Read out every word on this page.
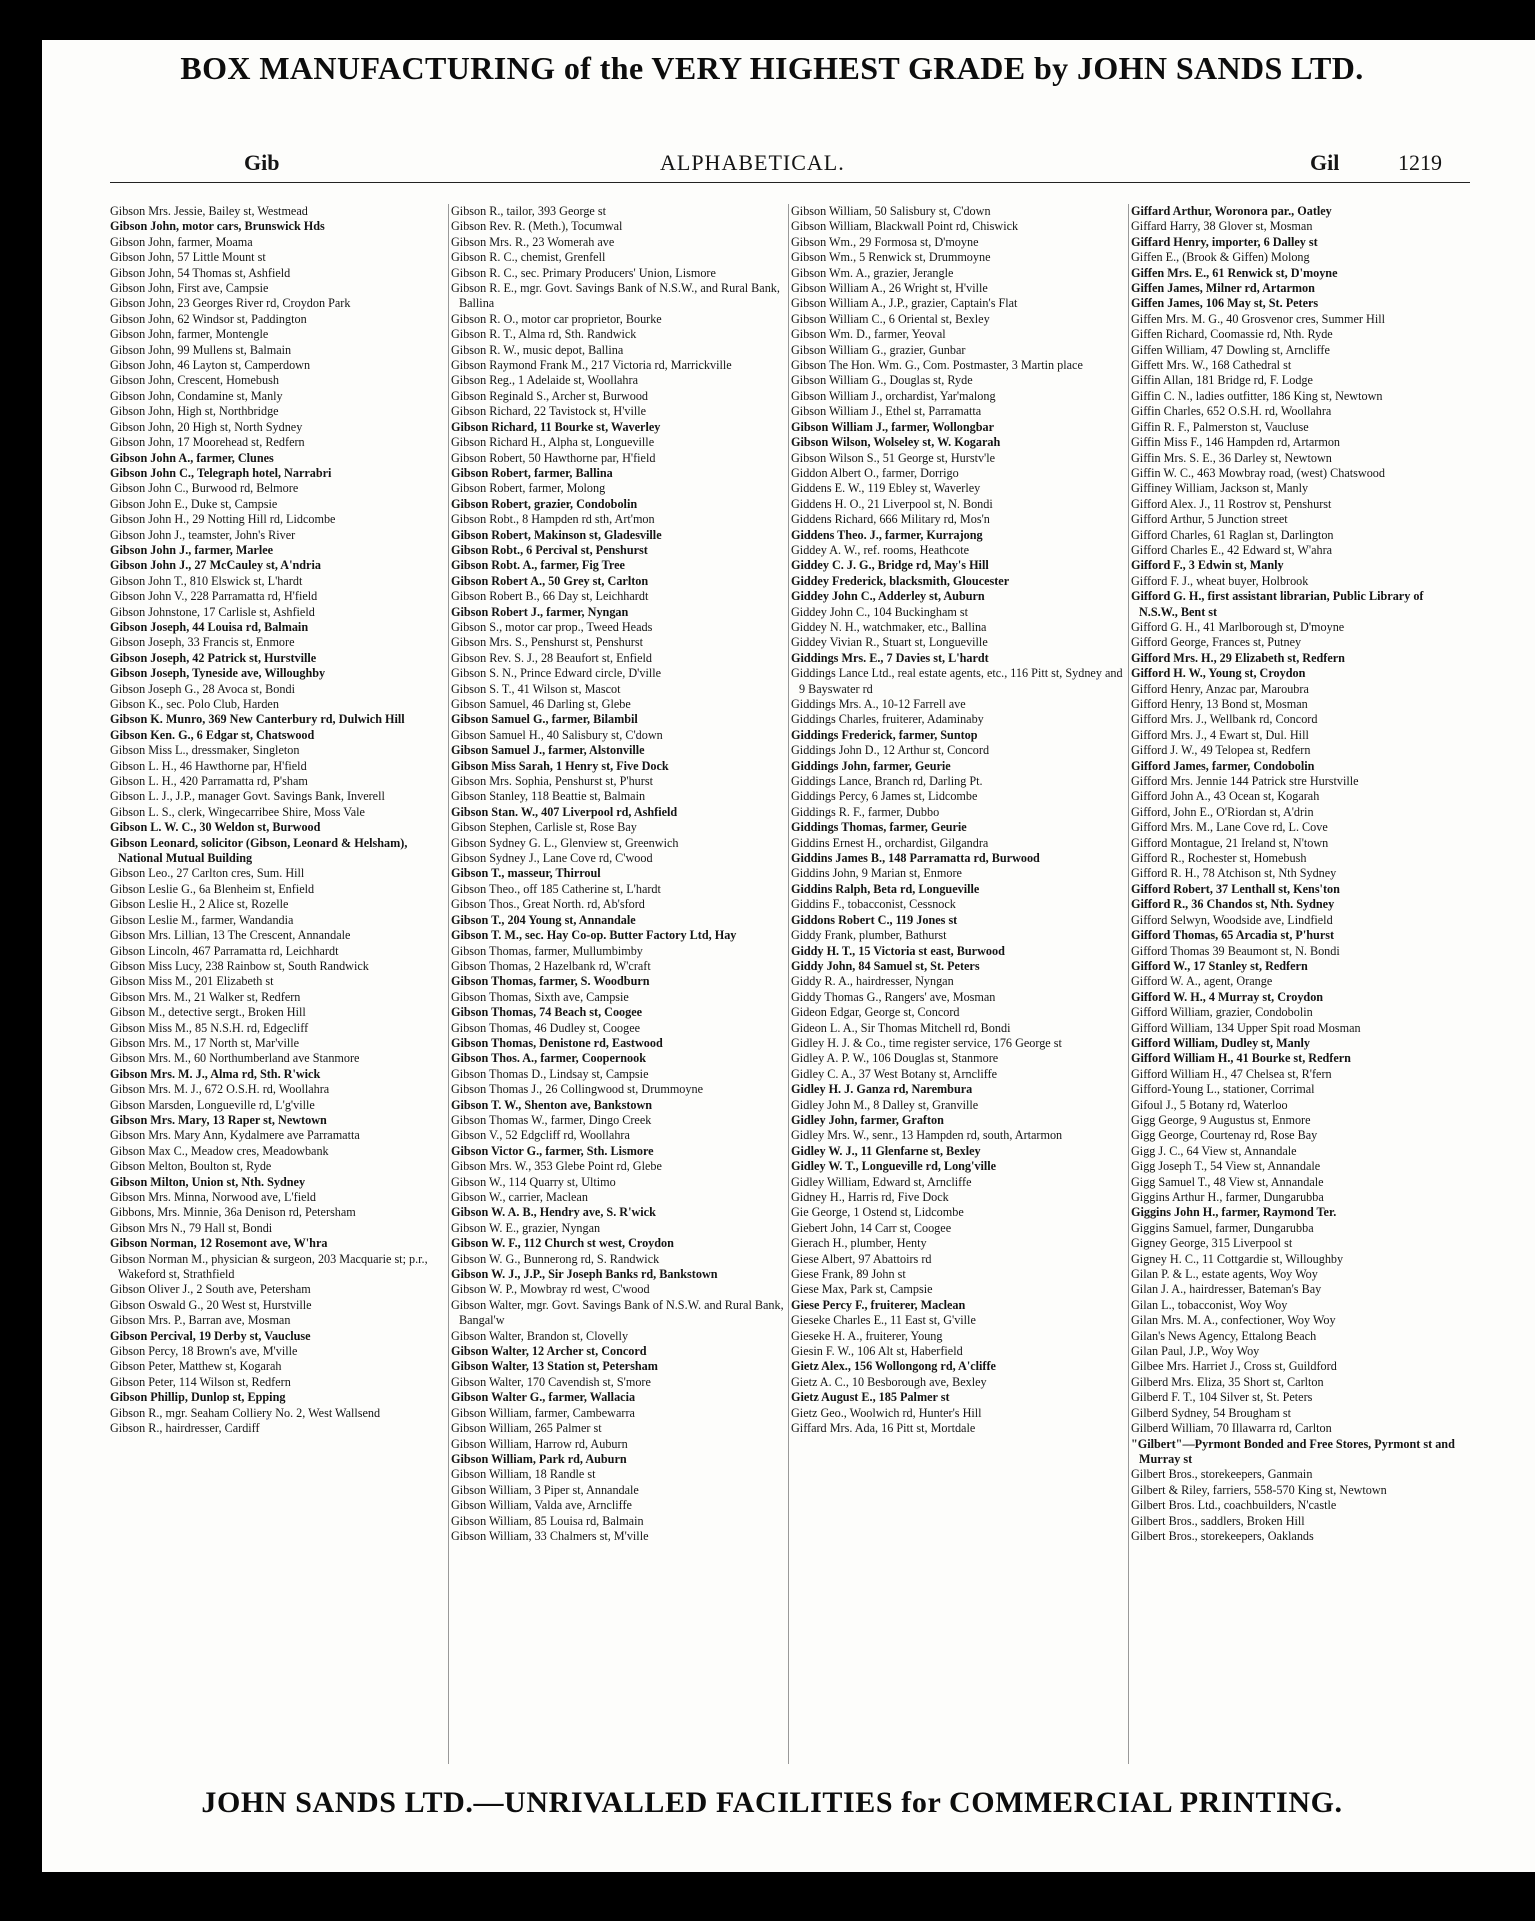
BOX MANUFACTURING of the VERY HIGHEST GRADE by JOHN SANDS LTD.
Gib	ALPHABETICAL.	Gil	1219
Gibson Mrs. Jessie, Bailey st, Westmead
Gibson John, motor cars, Brunswick Hds
Gibson John, farmer, Moama
Gibson John, 57 Little Mount st
Gibson John, 54 Thomas st, Ashfield
Gibson John, First ave, Campsie
Gibson John, 23 Georges River rd, Croydon Park
Gibson John, 62 Windsor st, Paddington
Gibson John, farmer, Montengle
Gibson John, 99 Mullens st, Balmain
Gibson John, 46 Layton st, Camperdown
Gibson John, Crescent, Homebush
Gibson John, Condamine st, Manly
Gibson John, High st, Northbridge
Gibson John, 20 High st, North Sydney
Gibson John, 17 Moorehead st, Redfern
Gibson John A., farmer, Clunes
Gibson John C., Telegraph hotel, Narrabri
Gibson John C., Burwood rd, Belmore
Gibson John E., Duke st, Campsie
Gibson John H., 29 Notting Hill rd, Lidcombe
Gibson John J., teamster, John's River
Gibson John J., farmer, Marlee
Gibson John J., 27 McCauley st, A'ndria
Gibson John T., 810 Elswick st, L'hardt
Gibson John V., 228 Parramatta rd, H'field
Gibson Johnstone, 17 Carlisle st, Ashfield
Gibson Joseph, 44 Louisa rd, Balmain
Gibson Joseph, 33 Francis st, Enmore
Gibson Joseph, 42 Patrick st, Hurstville
Gibson Joseph, Tyneside ave, Willoughby
Gibson Joseph G., 28 Avoca st, Bondi
Gibson K., sec. Polo Club, Harden
Gibson K. Munro, 369 New Canterbury rd, Dulwich Hill
Gibson Ken. G., 6 Edgar st, Chatswood
Gibson Miss L., dressmaker, Singleton
Gibson L. H., 46 Hawthorne par, H'field
Gibson L. H., 420 Parramatta rd, P'sham
Gibson L. J., J.P., manager Govt. Savings Bank, Inverell
Gibson L. S., clerk, Wingecarribee Shire, Moss Vale
Gibson L. W. C., 30 Weldon st, Burwood
Gibson Leonard, solicitor (Gibson, Leonard & Helsham), National Mutual Building
Gibson Leo., 27 Carlton cres, Sum. Hill
Gibson Leslie G., 6a Blenheim st, Enfield
Gibson Leslie H., 2 Alice st, Rozelle
Gibson Leslie M., farmer, Wandandia
Gibson Mrs. Lillian, 13 The Crescent, Annandale
Gibson Lincoln, 467 Parramatta rd, Leichhardt
Gibson Miss Lucy, 238 Rainbow st, South Randwick
Gibson Miss M., 201 Elizabeth st
Gibson Mrs. M., 21 Walker st, Redfern
Gibson M., detective sergt., Broken Hill
Gibson Miss M., 85 N.S.H. rd, Edgecliff
Gibson Mrs. M., 17 North st, Mar'ville
Gibson Mrs. M., 60 Northumberland ave Stanmore
Gibson Mrs. M. J., Alma rd, Sth. R'wick
Gibson Mrs. M. J., 672 O.S.H. rd, Woollahra
Gibson Marsden, Longueville rd, L'g'ville
Gibson Mrs. Mary, 13 Raper st, Newtown
Gibson Mrs. Mary Ann, Kydalmere ave Parramatta
Gibson Max C., Meadow cres, Meadowbank
Gibson Melton, Boulton st, Ryde
Gibson Milton, Union st, Nth. Sydney
Gibson Mrs. Minna, Norwood ave, L'field
Gibbons, Mrs. Minnie, 36a Denison rd, Petersham
Gibson Mrs N., 79 Hall st, Bondi
Gibson Norman, 12 Rosemont ave, W'hra
Gibson Norman M., physician & surgeon, 203 Macquarie st; p.r., Wakeford st, Strathfield
Gibson Oliver J., 2 South ave, Petersham
Gibson Oswald G., 20 West st, Hurstville
Gibson Mrs. P., Barran ave, Mosman
Gibson Percival, 19 Derby st, Vaucluse
Gibson Percy, 18 Brown's ave, M'ville
Gibson Peter, Matthew st, Kogarah
Gibson Peter, 114 Wilson st, Redfern
Gibson Phillip, Dunlop st, Epping
Gibson R., mgr. Seaham Colliery No. 2, West Wallsend
Gibson R., hairdresser, Cardiff
Gibson R., tailor, 393 George st
Gibson Rev. R. (Meth.), Tocumwal
Gibson Mrs. R., 23 Womerah ave
Gibson R. C., chemist, Grenfell
Gibson R. C., sec. Primary Producers' Union, Lismore
Gibson R. E., mgr. Govt. Savings Bank of N.S.W., and Rural Bank, Ballina
Gibson R. O., motor car proprietor, Bourke
Gibson R. T., Alma rd, Sth. Randwick
Gibson R. W., music depot, Ballina
Gibson Raymond Frank M., 217 Victoria rd, Marrickville
Gibson Reg., 1 Adelaide st, Woollahra
Gibson Reginald S., Archer st, Burwood
Gibson Richard, 22 Tavistock st, H'ville
Gibson Richard, 11 Bourke st, Waverley
Gibson Richard H., Alpha st, Longueville
Gibson Robert, 50 Hawthorne par, H'field
Gibson Robert, farmer, Ballina
Gibson Robert, farmer, Molong
Gibson Robert, grazier, Condobolin
Gibson Robt., 8 Hampden rd sth, Art'mon
Gibson Robert, Makinson st, Gladesville
Gibson Robt., 6 Percival st, Penshurst
Gibson Robt. A., farmer, Fig Tree
Gibson Robert A., 50 Grey st, Carlton
Gibson Robert B., 66 Day st, Leichhardt
Gibson Robert J., farmer, Nyngan
Gibson S., motor car prop., Tweed Heads
Gibson Mrs. S., Penshurst st, Penshurst
Gibson Rev. S. J., 28 Beaufort st, Enfield
Gibson S. N., Prince Edward circle, D'ville
Gibson S. T., 41 Wilson st, Mascot
Gibson Samuel, 46 Darling st, Glebe
Gibson Samuel G., farmer, Bilambil
Gibson Samuel H., 40 Salisbury st, C'down
Gibson Samuel J., farmer, Alstonville
Gibson Miss Sarah, 1 Henry st, Five Dock
Gibson Mrs. Sophia, Penshurst st, P'hurst
Gibson Stanley, 118 Beattie st, Balmain
Gibson Stan. W., 407 Liverpool rd, Ashfield
Gibson Stephen, Carlisle st, Rose Bay
Gibson Sydney G. L., Glenview st, Greenwich
Gibson Sydney J., Lane Cove rd, C'wood
Gibson T., masseur, Thirroul
Gibson Theo., off 185 Catherine st, L'hardt
Gibson Thos., Great North. rd, Ab'sford
Gibson T., 204 Young st, Annandale
Gibson T. M., sec. Hay Co-op. Butter Factory Ltd, Hay
Gibson Thomas, farmer, Mullumbimby
Gibson Thomas, 2 Hazelbank rd, W'craft
Gibson Thomas, farmer, S. Woodburn
Gibson Thomas, Sixth ave, Campsie
Gibson Thomas, 74 Beach st, Coogee
Gibson Thomas, 46 Dudley st, Coogee
Gibson Thomas, Denistone rd, Eastwood
Gibson Thos. A., farmer, Coopernook
Gibson Thomas D., Lindsay st, Campsie
Gibson Thomas J., 26 Collingwood st, Drummoyne
Gibson T. W., Shenton ave, Bankstown
Gibson Thomas W., farmer, Dingo Creek
Gibson V., 52 Edgcliff rd, Woollahra
Gibson Victor G., farmer, Sth. Lismore
Gibson Mrs. W., 353 Glebe Point rd, Glebe
Gibson W., 114 Quarry st, Ultimo
Gibson W., carrier, Maclean
Gibson W. A. B., Hendry ave, S. R'wick
Gibson W. E., grazier, Nyngan
Gibson W. F., 112 Church st west, Croydon
Gibson W. G., Bunnerong rd, S. Randwick
Gibson W. J., J.P., Sir Joseph Banks rd, Bankstown
Gibson W. P., Mowbray rd west, C'wood
Gibson Walter, mgr. Govt. Savings Bank of N.S.W. and Rural Bank, Bangal'w
Gibson Walter, Brandon st, Clovelly
Gibson Walter, 12 Archer st, Concord
Gibson Walter, 13 Station st, Petersham
Gibson Walter, 170 Cavendish st, S'more
Gibson Walter G., farmer, Wallacia
Gibson William, farmer, Cambewarra
Gibson William, 265 Palmer st
Gibson William, Harrow rd, Auburn
Gibson William, Park rd, Auburn
Gibson William, 18 Randle st
Gibson William, 3 Piper st, Annandale
Gibson William, Valda ave, Arncliffe
Gibson William, 85 Louisa rd, Balmain
Gibson William, 33 Chalmers st, M'ville
Gibson William, 50 Salisbury st, C'down
Gibson William, Blackwall Point rd, Chiswick
Gibson Wm., 29 Formosa st, D'moyne
Gibson Wm., 5 Renwick st, Drummoyne
Gibson Wm. A., grazier, Jerangle
Gibson William A., 26 Wright st, H'ville
Gibson William A., J.P., grazier, Captain's Flat
Gibson William C., 6 Oriental st, Bexley
Gibson Wm. D., farmer, Yeoval
Gibson William G., grazier, Gunbar
Gibson The Hon. Wm. G., Com. Postmaster, 3 Martin place
Gibson William G., Douglas st, Ryde
Gibson William J., orchardist, Yar'malong
Gibson William J., Ethel st, Parramatta
Gibson William J., farmer, Wollongbar
Gibson Wilson, Wolseley st, W. Kogarah
Gibson Wilson S., 51 George st, Hurstv'le
Giddon Albert O., farmer, Dorrigo
Giddens E. W., 119 Ebley st, Waverley
Giddens H. O., 21 Liverpool st, N. Bondi
Giddens Richard, 666 Military rd, Mos'n
Giddens Theo. J., farmer, Kurrajong
Giddey A. W., ref. rooms, Heathcote
Giddey C. J. G., Bridge rd, May's Hill
Giddey Frederick, blacksmith, Gloucester
Giddey John C., Adderley st, Auburn
Giddey John C., 104 Buckingham st
Giddey N. H., watchmaker, etc., Ballina
Giddey Vivian R., Stuart st, Longueville
Giddings Mrs. E., 7 Davies st, L'hardt
Giddings Lance Ltd., real estate agents, etc., 116 Pitt st, Sydney and 9 Bayswater rd
Giddings Mrs. A., 10-12 Farrell ave
Giddings Charles, fruiterer, Adaminaby
Giddings Frederick, farmer, Suntop
Giddings John D., 12 Arthur st, Concord
Giddings John, farmer, Geurie
Giddings Lance, Branch rd, Darling Pt.
Giddings Percy, 6 James st, Lidcombe
Giddings R. F., farmer, Dubbo
Giddings Thomas, farmer, Geurie
Giddins Ernest H., orchardist, Gilgandra
Giddins James B., 148 Parramatta rd, Burwood
Giddins John, 9 Marian st, Enmore
Giddins Ralph, Beta rd, Longueville
Giddins F., tobacconist, Cessnock
Giddons Robert C., 119 Jones st
Giddy Frank, plumber, Bathurst
Giddy H. T., 15 Victoria st east, Burwood
Giddy John, 84 Samuel st, St. Peters
Giddy R. A., hairdresser, Nyngan
Giddy Thomas G., Rangers' ave, Mosman
Gideon Edgar, George st, Concord
Gideon L. A., Sir Thomas Mitchell rd, Bondi
Gidley H. J. & Co., time register service, 176 George st
Gidley A. P. W., 106 Douglas st, Stanmore
Gidley C. A., 37 West Botany st, Arncliffe
Gidley H. J. Ganza rd, Narembura
Gidley John M., 8 Dalley st, Granville
Gidley John, farmer, Grafton
Gidley Mrs. W., senr., 13 Hampden rd, south, Artarmon
Gidley W. J., 11 Glenfarne st, Bexley
Gidley W. T., Longueville rd, Long'ville
Gidley William, Edward st, Arncliffe
Gidney H., Harris rd, Five Dock
Gie George, 1 Ostend st, Lidcombe
Giebert John, 14 Carr st, Coogee
Gierach H., plumber, Henty
Giese Albert, 97 Abattoirs rd
Giese Frank, 89 John st
Giese Max, Park st, Campsie
Giese Percy F., fruiterer, Maclean
Gieseke Charles E., 11 East st, G'ville
Gieseke H. A., fruiterer, Young
Giesin F. W., 106 Alt st, Haberfield
Gietz Alex., 156 Wollongong rd, A'cliffe
Gietz A. C., 10 Besborough ave, Bexley
Gietz August E., 185 Palmer st
Gietz Geo., Woolwich rd, Hunter's Hill
Giffard Mrs. Ada, 16 Pitt st, Mortdale
Giffard Arthur, Woronora par., Oatley
Giffard Harry, 38 Glover st, Mosman
Giffard Henry, importer, 6 Dalley st
Giffen E., (Brook & Giffen) Molong
Giffen Mrs. E., 61 Renwick st, D'moyne
Giffen James, Milner rd, Artarmon
Giffen James, 106 May st, St. Peters
Giffen Mrs. M. G., 40 Grosvenor cres, Summer Hill
Giffen Richard, Coomassie rd, Nth. Ryde
Giffen William, 47 Dowling st, Arncliffe
Giffett Mrs. W., 168 Cathedral st
Giffin Allan, 181 Bridge rd, F. Lodge
Giffin C. N., ladies outfitter, 186 King st, Newtown
Giffin Charles, 652 O.S.H. rd, Woollahra
Giffin R. F., Palmerston st, Vaucluse
Giffin Miss F., 146 Hampden rd, Artarmon
Giffin Mrs. S. E., 36 Darley st, Newtown
Giffin W. C., 463 Mowbray road, (west) Chatswood
Giffiney William, Jackson st, Manly
Gifford Alex. J., 11 Rostrov st, Penshurst
Gifford Arthur, 5 Junction street
Gifford Charles, 61 Raglan st, Darlington
Gifford Charles E., 42 Edward st, W'ahra
Gifford F., 3 Edwin st, Manly
Gifford F. J., wheat buyer, Holbrook
Gifford G. H., first assistant librarian, Public Library of N.S.W., Bent st
Gifford G. H., 41 Marlborough st, D'moyne
Gifford George, Frances st, Putney
Gifford Mrs. H., 29 Elizabeth st, Redfern
Gifford H. W., Young st, Croydon
Gifford Henry, Anzac par, Maroubra
Gifford Henry, 13 Bond st, Mosman
Gifford Mrs. J., Wellbank rd, Concord
Gifford Mrs. J., 4 Ewart st, Dul. Hill
Gifford J. W., 49 Telopea st, Redfern
Gifford James, farmer, Condobolin
Gifford Mrs. Jennie 144 Patrick stre Hurstville
Gifford John A., 43 Ocean st, Kogarah
Gifford, John E., O'Riordan st, A'drin
Gifford Mrs. M., Lane Cove rd, L. Cove
Gifford Montague, 21 Ireland st, N'town
Gifford R., Rochester st, Homebush
Gifford R. H., 78 Atchison st, Nth Sydney
Gifford Robert, 37 Lenthall st, Kens'ton
Gifford R., 36 Chandos st, Nth. Sydney
Gifford Selwyn, Woodside ave, Lindfield
Gifford Thomas, 65 Arcadia st, P'hurst
Gifford Thomas 39 Beaumont st, N. Bondi
Gifford W., 17 Stanley st, Redfern
Gifford W. A., agent, Orange
Gifford W. H., 4 Murray st, Croydon
Gifford William, grazier, Condobolin
Gifford William, 134 Upper Spit road Mosman
Gifford William, Dudley st, Manly
Gifford William H., 41 Bourke st, Redfern
Gifford William H., 47 Chelsea st, R'fern
Gifford-Young L., stationer, Corrimal
Gifoul J., 5 Botany rd, Waterloo
Gigg George, 9 Augustus st, Enmore
Gigg George, Courtenay rd, Rose Bay
Gigg J. C., 64 View st, Annandale
Gigg Joseph T., 54 View st, Annandale
Gigg Samuel T., 48 View st, Annandale
Giggins Arthur H., farmer, Dungarubba
Giggins John H., farmer, Raymond Ter.
Giggins Samuel, farmer, Dungarubba
Gigney George, 315 Liverpool st
Gigney H. C., 11 Cottgardie st, Willoughby
Gilan P. & L., estate agents, Woy Woy
Gilan J. A., hairdresser, Bateman's Bay
Gilan L., tobacconist, Woy Woy
Gilan Mrs. M. A., confectioner, Woy Woy
Gilan's News Agency, Ettalong Beach
Gilan Paul, J.P., Woy Woy
Gilbee Mrs. Harriet J., Cross st, Guildford
Gilberd Mrs. Eliza, 35 Short st, Carlton
Gilberd F. T., 104 Silver st, St. Peters
Gilberd Sydney, 54 Brougham st
Gilberd William, 70 Illawarra rd, Carlton
"Gilbert"—Pyrmont Bonded and Free Stores, Pyrmont st and Murray st
Gilbert Bros., storekeepers, Ganmain
Gilbert & Riley, farriers, 558-570 King st, Newtown
Gilbert Bros. Ltd., coachbuilders, N'castle
Gilbert Bros., saddlers, Broken Hill
Gilbert Bros., storekeepers, Oaklands
JOHN SANDS LTD.—UNRIVALLED FACILITIES for COMMERCIAL PRINTING.
